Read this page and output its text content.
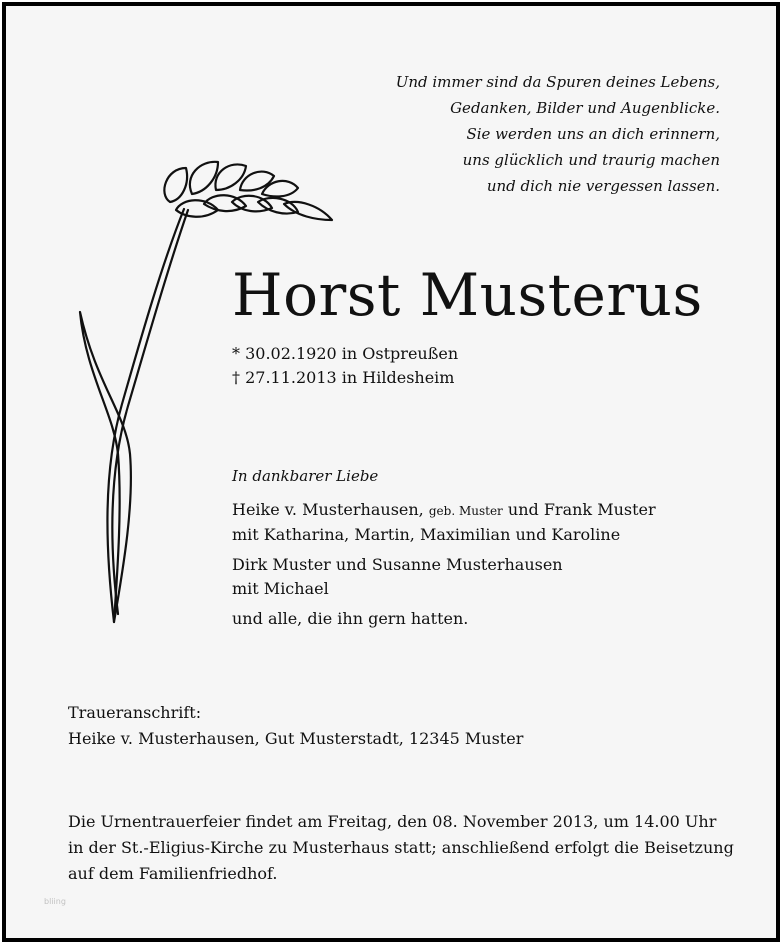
Und immer sind da Spuren deines Lebens,
Gedanken, Bilder und Augenblicke.
Sie werden uns an dich erinnern,
uns glücklich und traurig machen
und dich nie vergessen lassen.
Horst Musterus
* 30.02.1920 in Ostpreußen
† 27.11.2013 in Hildesheim
In dankbarer Liebe
Heike v. Musterhausen, geb. Muster und Frank Muster
mit Katharina, Martin, Maximilian und Karoline
Dirk Muster und Susanne Musterhausen
mit Michael
und alle, die ihn gern hatten.
Traueranschrift:
Heike v. Musterhausen, Gut Musterstadt, 12345 Muster
Die Urnentrauerfeier findet am Freitag, den 08. November 2013, um 14.00 Uhr
in der St.-Eligius-Kirche zu Musterhaus statt; anschließend erfolgt die Beisetzung
auf dem Familienfriedhof.
bliing
